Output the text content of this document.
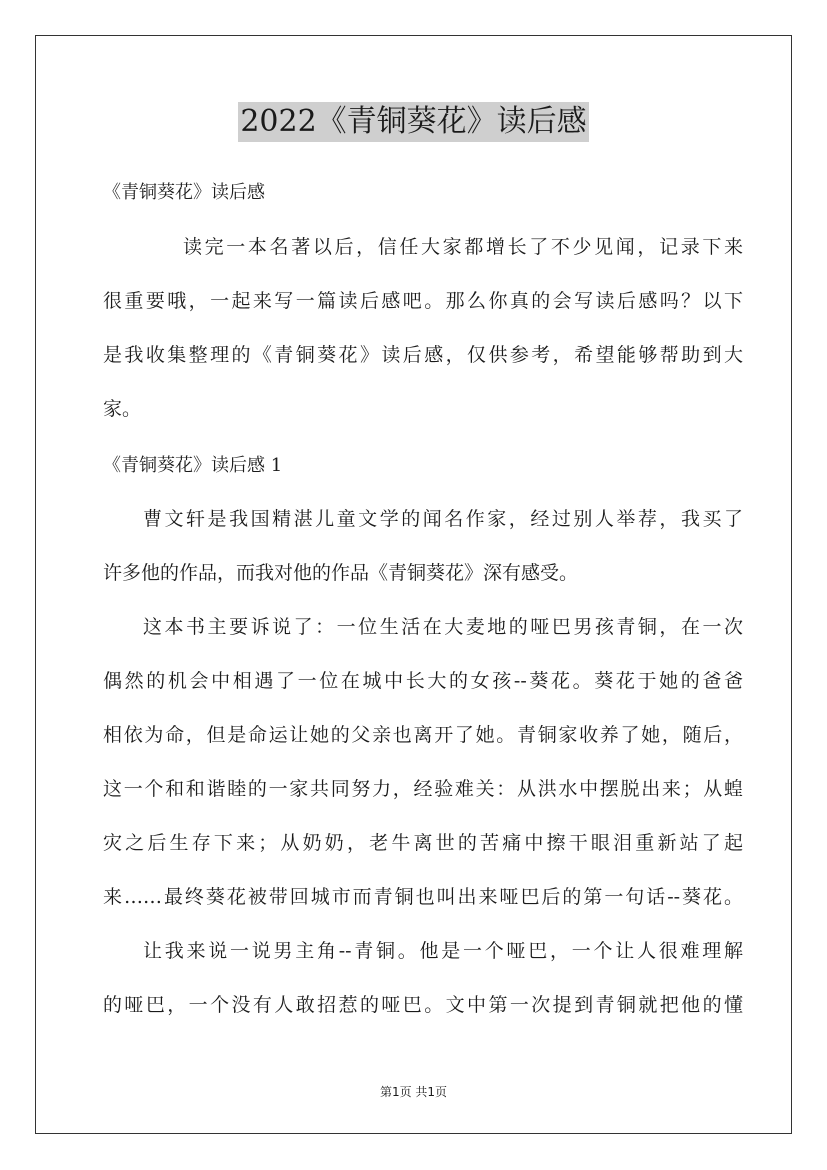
2022《青铜葵花》读后感
《青铜葵花》读后感
读完一本名著以后，信任大家都增长了不少见闻，记录下来
很重要哦，一起来写一篇读后感吧。那么你真的会写读后感吗？以下
是我收集整理的《青铜葵花》读后感，仅供参考，希望能够帮助到大
家。
《青铜葵花》读后感 1
曹文轩是我国精湛儿童文学的闻名作家，经过别人举荐，我买了
许多他的作品，而我对他的作品《青铜葵花》深有感受。
这本书主要诉说了：一位生活在大麦地的哑巴男孩青铜，在一次
偶然的机会中相遇了一位在城中长大的女孩--葵花。葵花于她的爸爸
相依为命，但是命运让她的父亲也离开了她。青铜家收养了她，随后，
这一个和和谐睦的一家共同努力，经验难关：从洪水中摆脱出来；从蝗
灾之后生存下来；从奶奶，老牛离世的苦痛中擦干眼泪重新站了起
来……最终葵花被带回城市而青铜也叫出来哑巴后的第一句话--葵花。
让我来说一说男主角--青铜。他是一个哑巴，一个让人很难理解
的哑巴，一个没有人敢招惹的哑巴。文中第一次提到青铜就把他的懂
第1页 共1页
